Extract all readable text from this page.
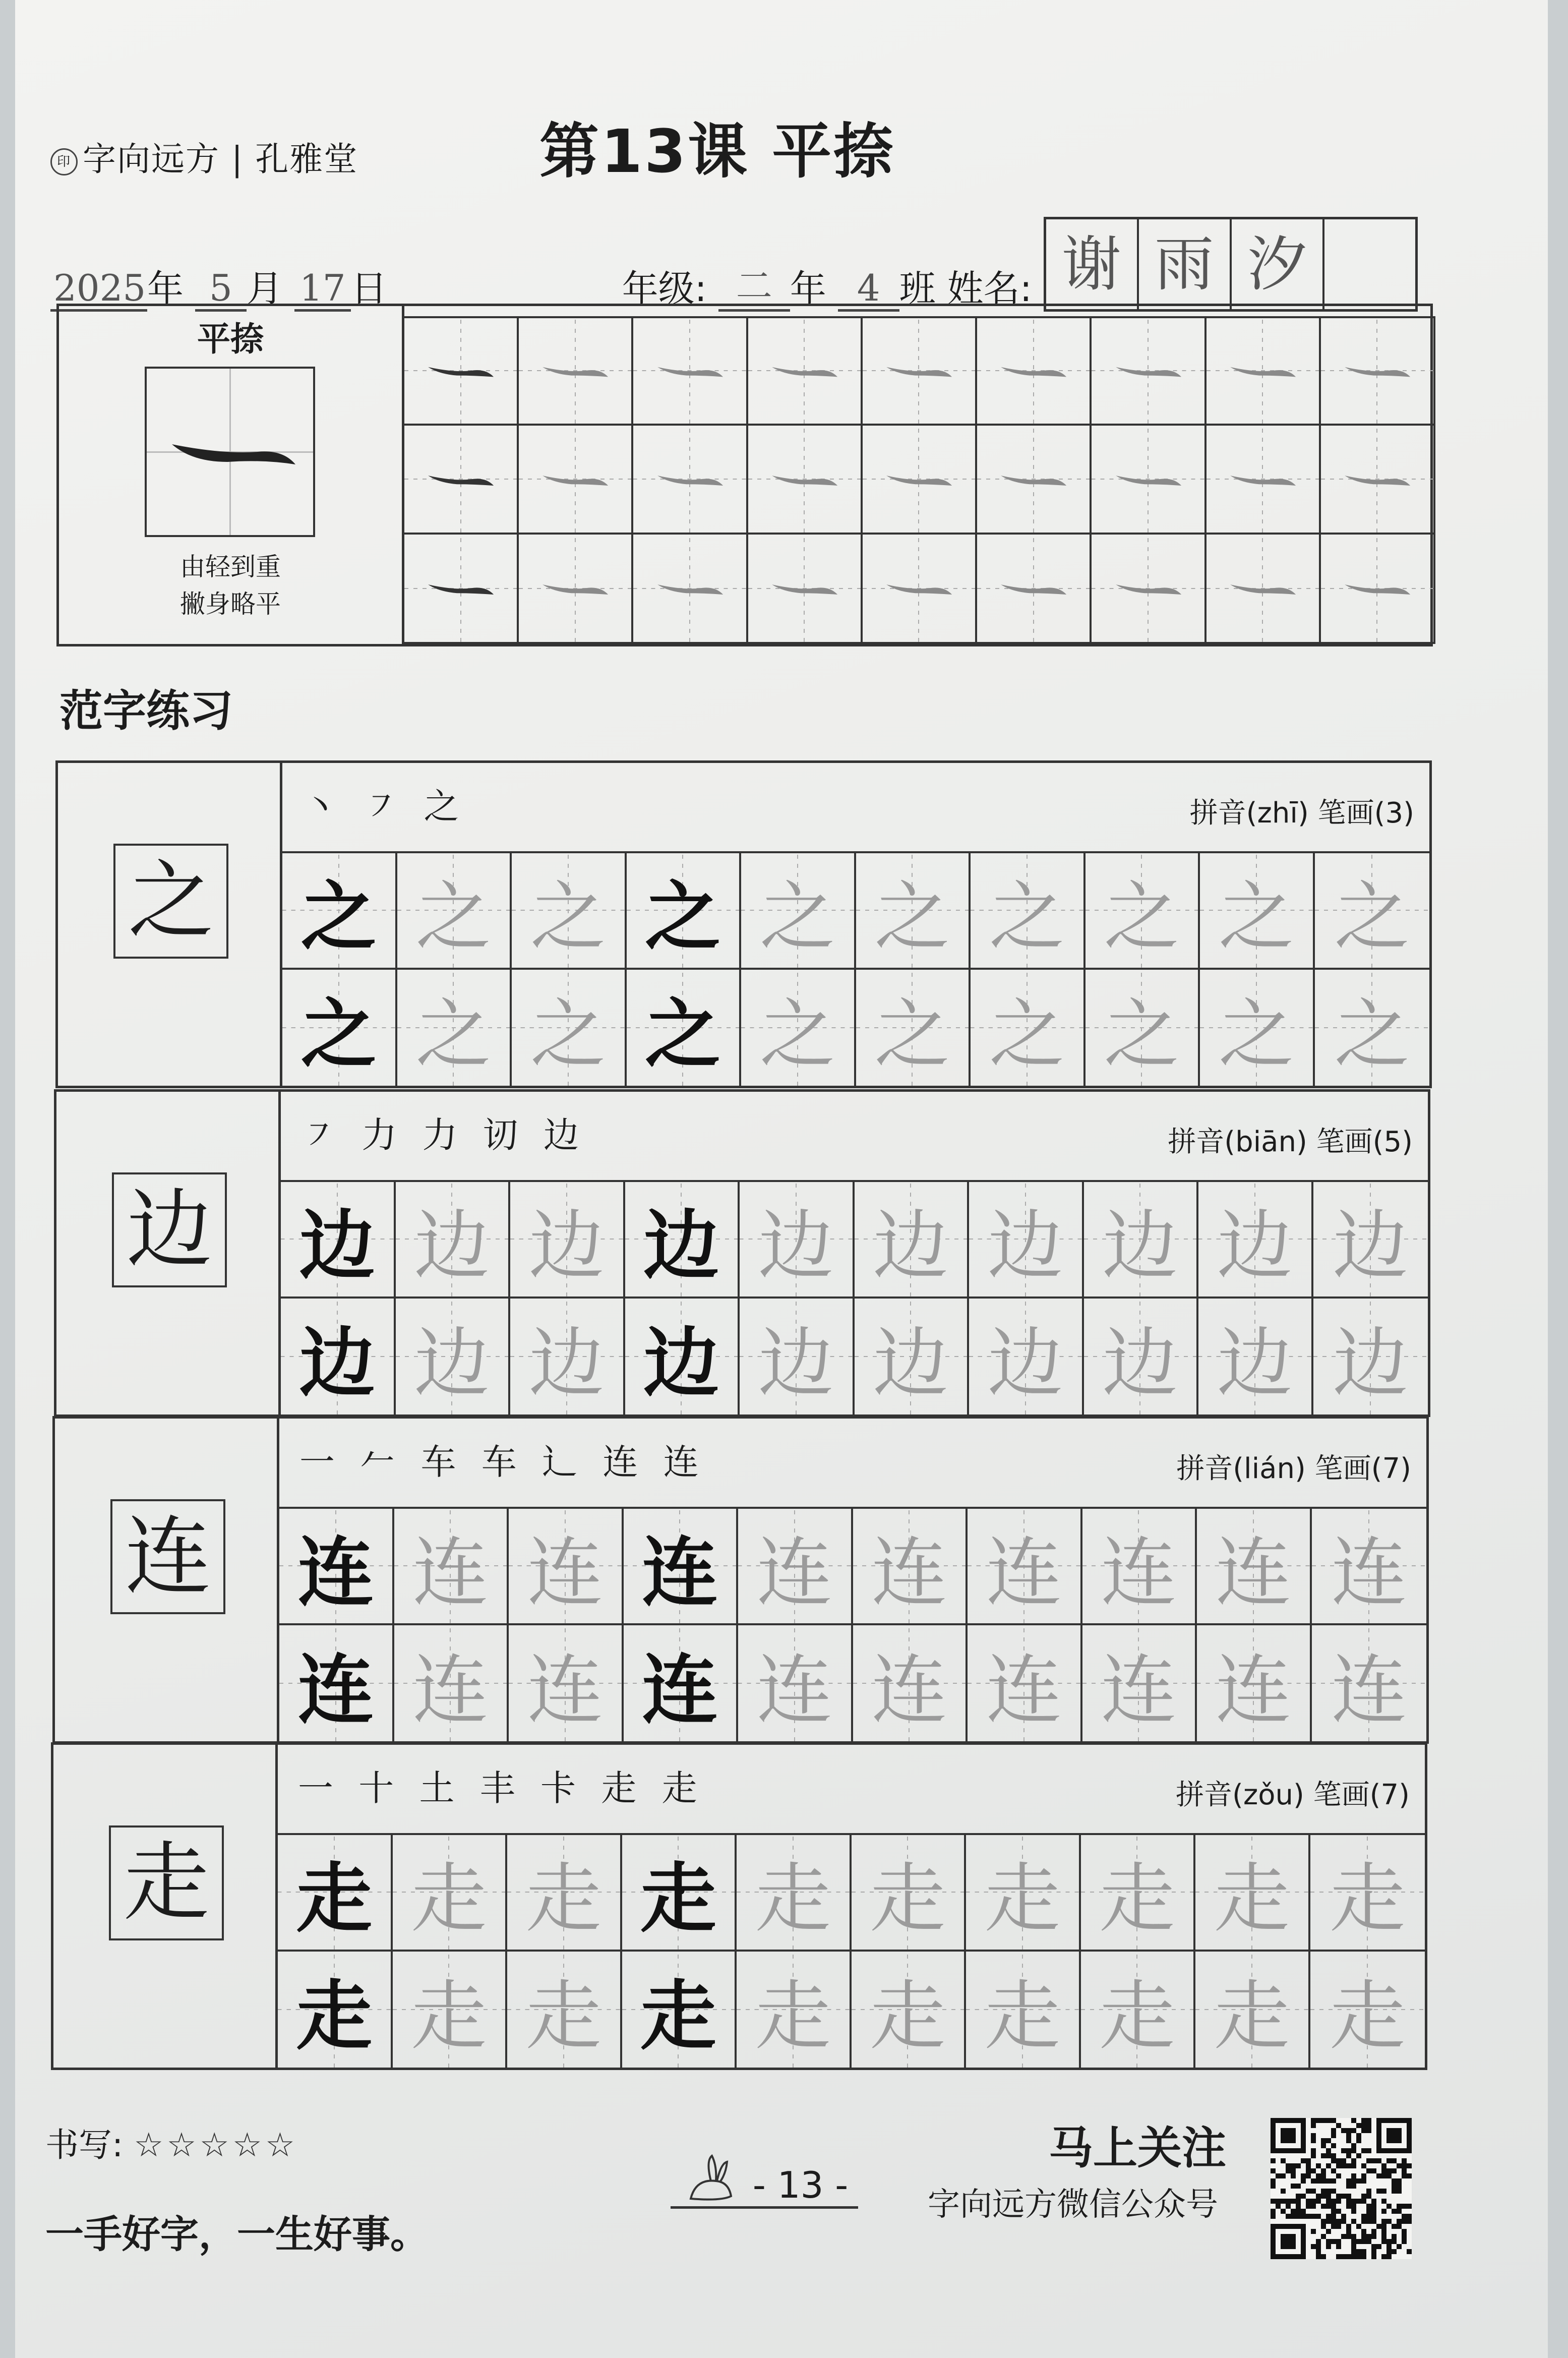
印 字向远方 | 孔雅堂	第13课 平捺
2025年 5 月 17 日	年级: 二 年 4 班 姓名: 谢 雨 汐
平捺
由轻到重
撇身略平
范字练习
之
丶 ㇇ 之	拼音(zhī) 笔画(3)
之 之 之 之 之 之 之 之 之 之
之 之 之 之 之 之 之 之 之 之
边
㇇ 力 ⼒ 讱 边	拼音(biān) 笔画(5)
边 边 边 边 边 边 边 边 边 边
边 边 边 边 边 边 边 边 边 边
连
一 𠂉 车 车 ⻌ 连 连	拼音(lián) 笔画(7)
连 连 连 连 连 连 连 连 连 连
连 连 连 连 连 连 连 连 连 连
走
一 十 土 丰 卡 走 走	拼音(zǒu) 笔画(7)
走 走 走 走 走 走 走 走 走 走
走 走 走 走 走 走 走 走 走 走
书写: ☆☆☆☆☆
一手好字，一生好事。
- 13 -
马上关注
字向远方微信公众号
